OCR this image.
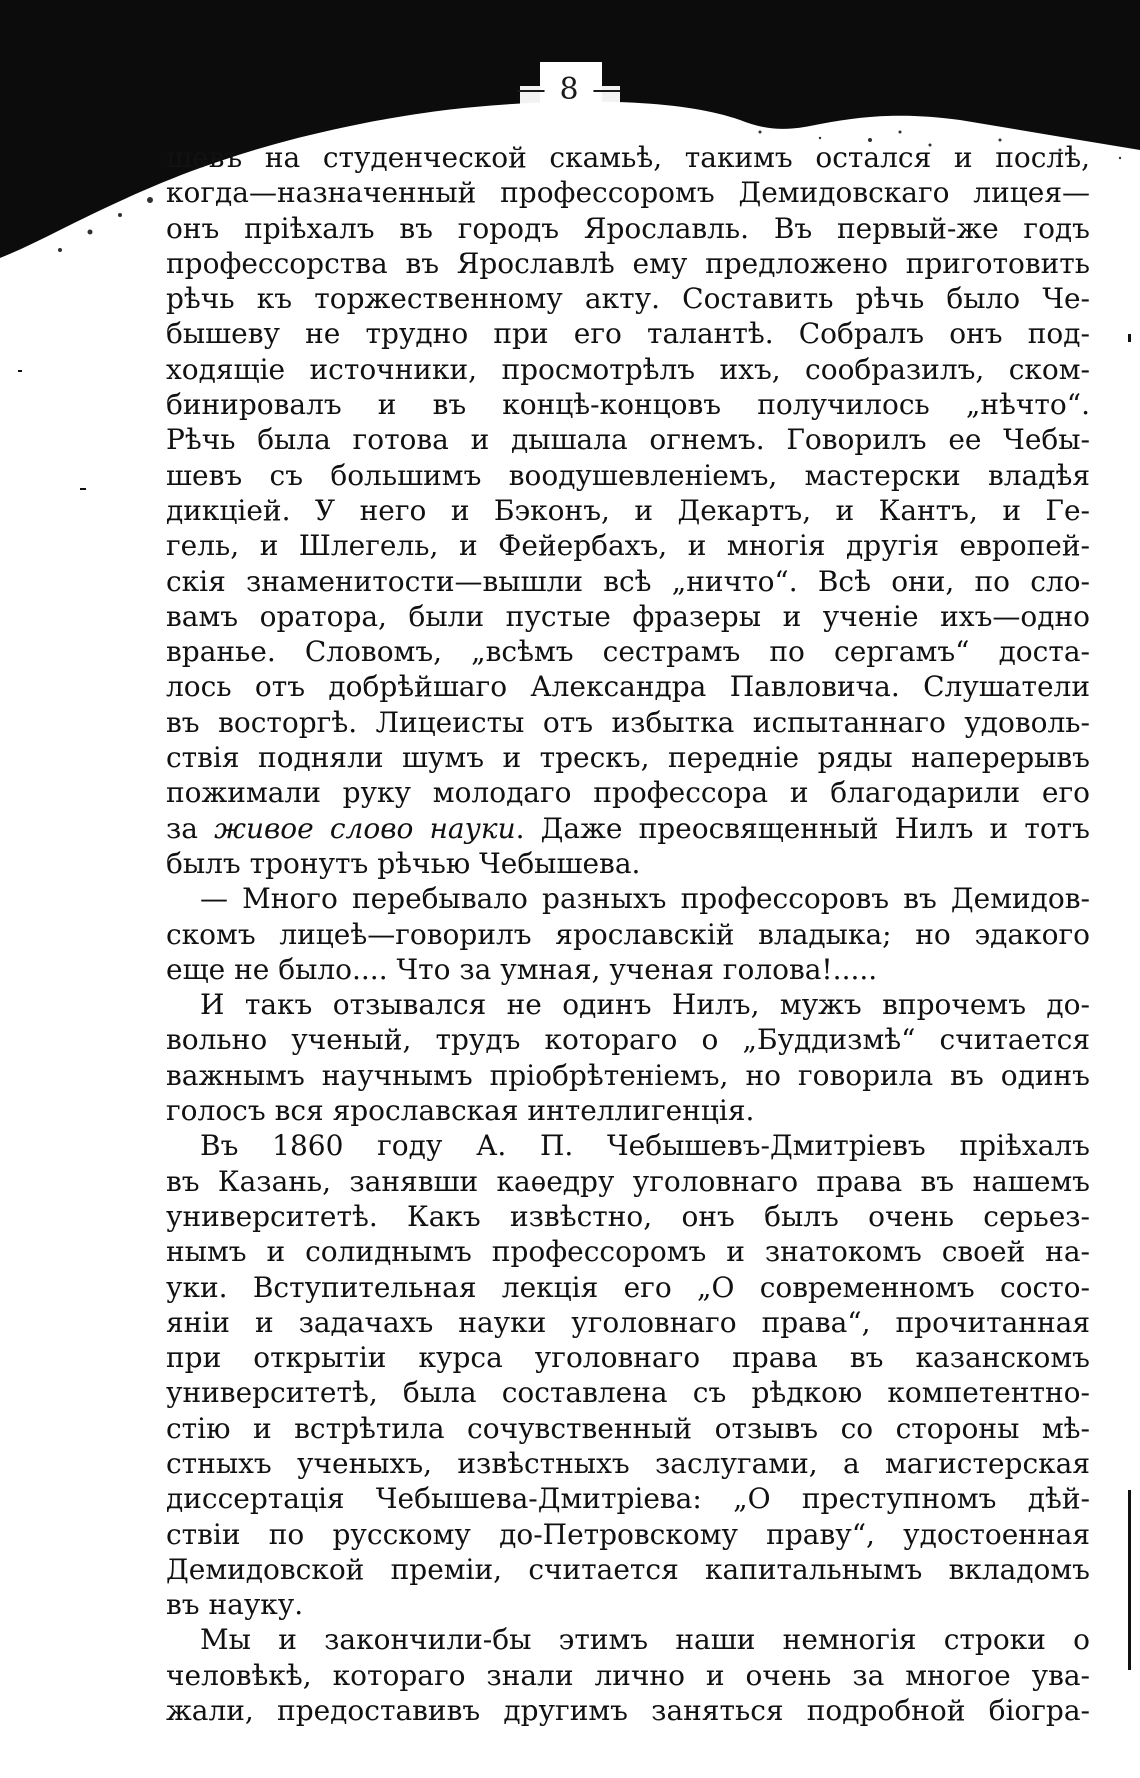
— 8 —
шевъ на студенческой скамьѣ, такимъ остался и послѣ,
когда—назначенный профессоромъ Демидовскаго лицея—
онъ пріѣхалъ въ городъ Ярославль. Въ первый-же годъ
профессорства въ Ярославлѣ ему предложено приготовить
рѣчь къ торжественному акту. Составить рѣчь было Че-
бышеву не трудно при его талантѣ. Собралъ онъ под-
ходящіе источники, просмотрѣлъ ихъ, сообразилъ, ском-
бинировалъ и въ концѣ-концовъ получилось „нѣчто“.
Рѣчь была готова и дышала огнемъ. Говорилъ ее Чебы-
шевъ съ большимъ воодушевленіемъ, мастерски владѣя
дикціей. У него и Бэконъ, и Декартъ, и Кантъ, и Ге-
гель, и Шлегель, и Фейербахъ, и многія другія европей-
скія знаменитости—вышли всѣ „ничто“. Всѣ они, по сло-
вамъ оратора, были пустые фразеры и ученіе ихъ—одно
вранье. Словомъ, „всѣмъ сестрамъ по сергамъ“ доста-
лось отъ добрѣйшаго Александра Павловича. Слушатели
въ восторгѣ. Лицеисты отъ избытка испытаннаго удоволь-
ствія подняли шумъ и трескъ, передніе ряды наперерывъ
пожимали руку молодаго профессора и благодарили его
за живое слово науки. Даже преосвященный Нилъ и тотъ
былъ тронутъ рѣчью Чебышева.
— Много перебывало разныхъ профессоровъ въ Демидов-
скомъ лицеѣ—говорилъ ярославскій владыка; но эдакого
еще не было.... Что за умная, ученая голова!.....
И такъ отзывался не одинъ Нилъ, мужъ впрочемъ до-
вольно ученый, трудъ котораго о „Буддизмѣ“ считается
важнымъ научнымъ пріобрѣтеніемъ, но говорила въ одинъ
голосъ вся ярославская интеллигенція.
Въ 1860 году А. П. Чебышевъ-Дмитріевъ пріѣхалъ
въ Казань, занявши каѳедру уголовнаго права въ нашемъ
университетѣ. Какъ извѣстно, онъ былъ очень серьез-
нымъ и солиднымъ профессоромъ и знатокомъ своей на-
уки. Вступительная лекція его „О современномъ состо-
яніи и задачахъ науки уголовнаго права“, прочитанная
при открытіи курса уголовнаго права въ казанскомъ
университетѣ, была составлена съ рѣдкою компетентно-
стію и встрѣтила сочувственный отзывъ со стороны мѣ-
стныхъ ученыхъ, извѣстныхъ заслугами, а магистерская
диссертація Чебышева-Дмитріева: „О преступномъ дѣй-
ствіи по русскому до-Петровскому праву“, удостоенная
Демидовской преміи, считается капитальнымъ вкладомъ
въ науку.
Мы и закончили-бы этимъ наши немногія строки о
человѣкѣ, котораго знали лично и очень за многое ува-
жали, предоставивъ другимъ заняться подробной біогра-
